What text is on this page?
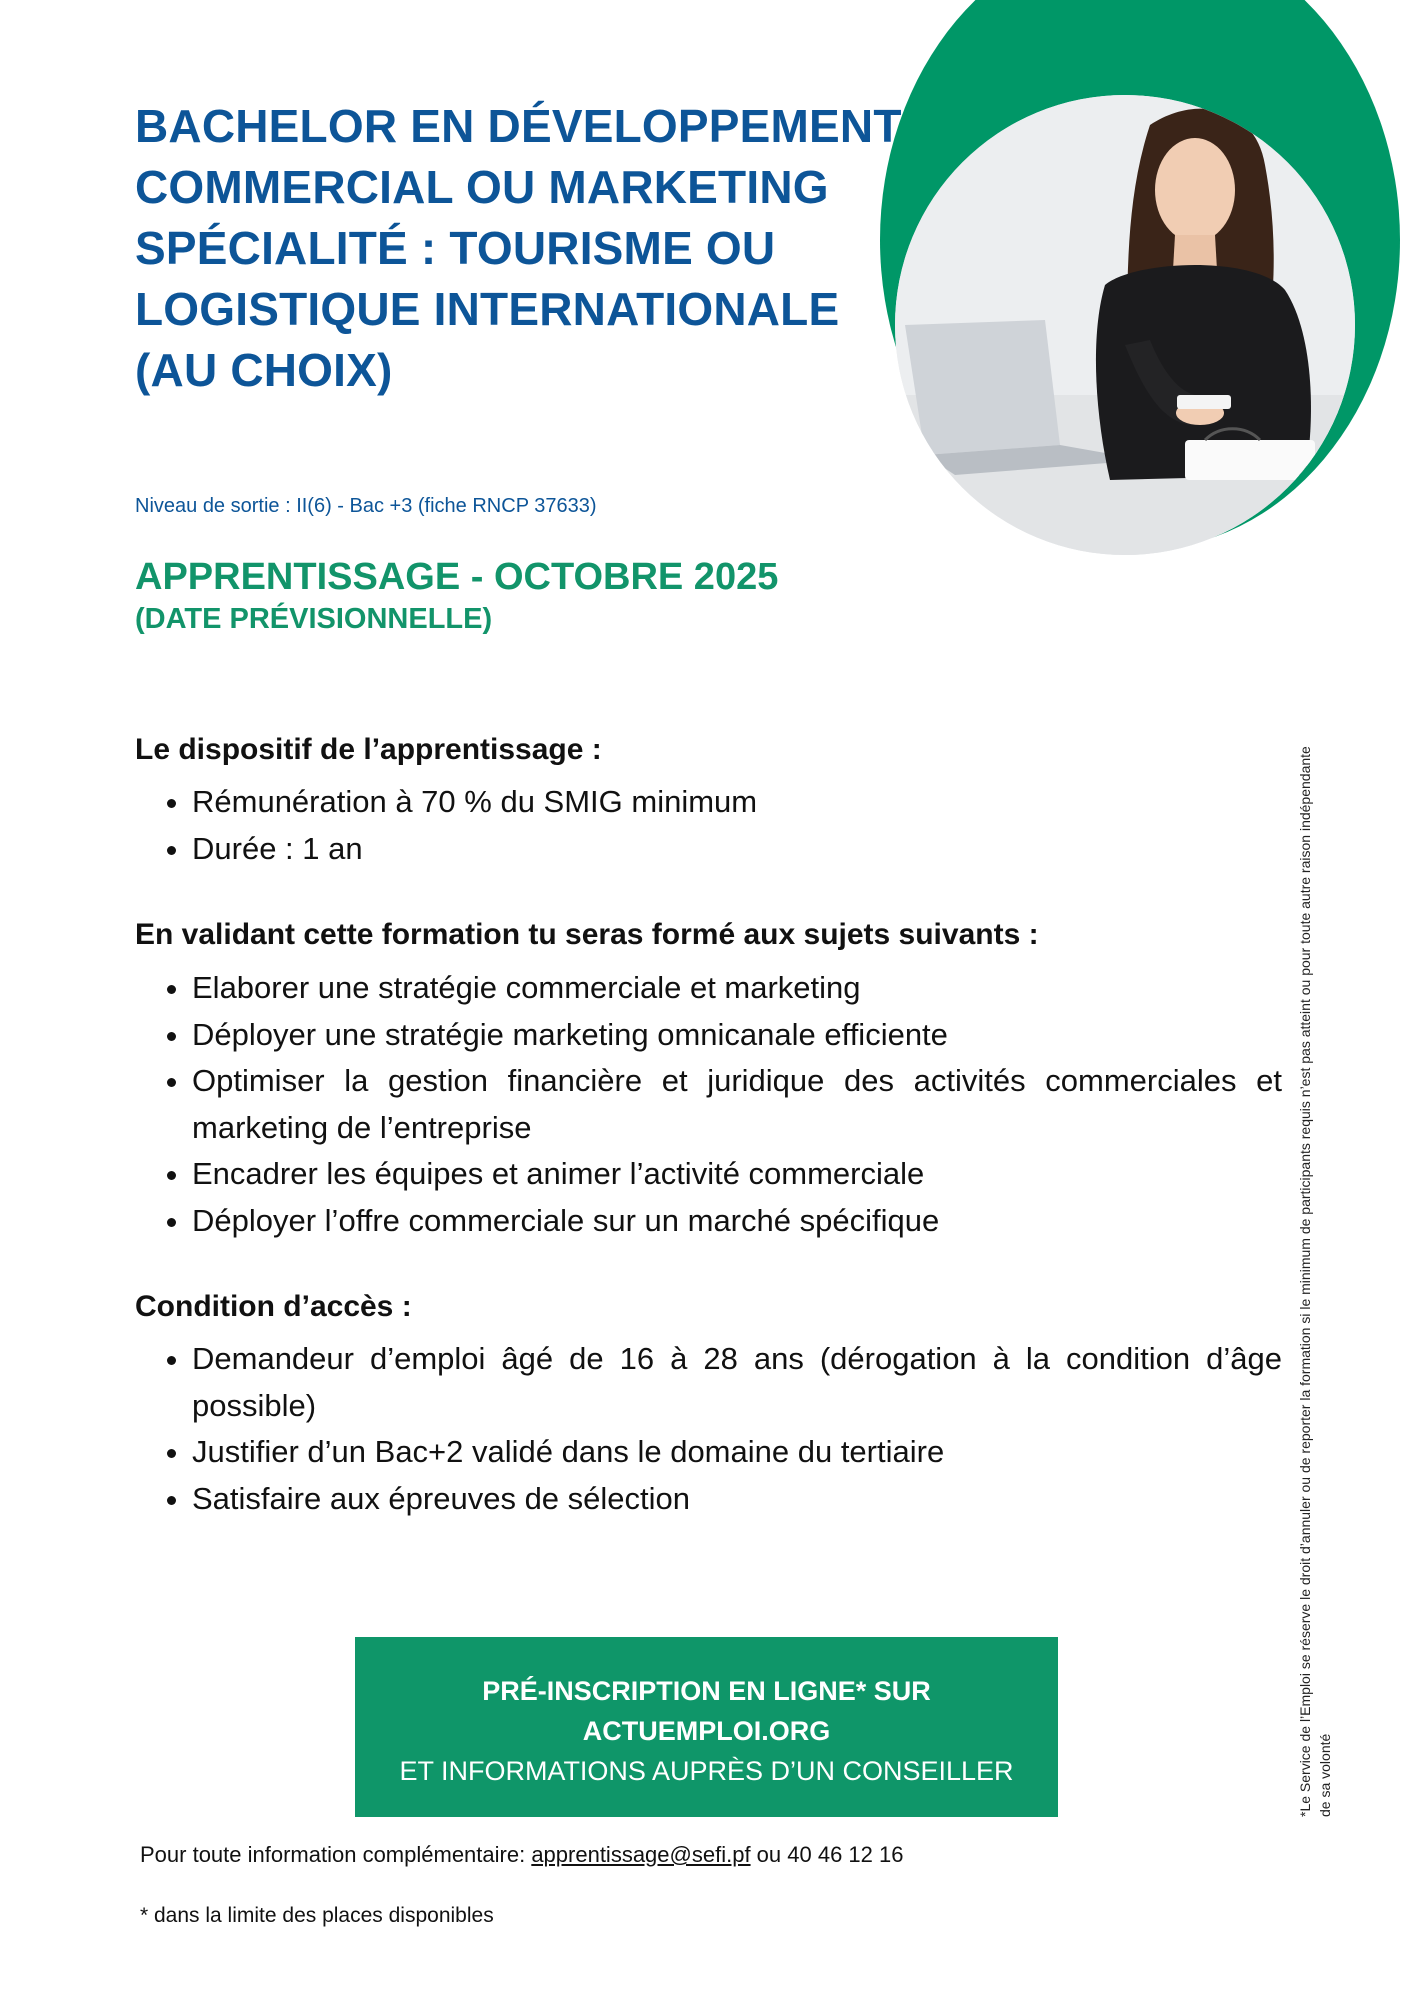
BACHELOR EN DÉVELOPPEMENT
COMMERCIAL OU MARKETING
SPÉCIALITÉ : TOURISME OU
LOGISTIQUE INTERNATIONALE
(AU CHOIX)

Niveau de sortie : II(6) - Bac +3 (fiche RNCP 37633)

APPRENTISSAGE - OCTOBRE 2025

(DATE PRÉVISIONNELLE)

Le dispositif de l’apprentissage :
• Rémunération à 70 % du SMIG minimum
• Durée : 1 an
En validant cette formation tu seras formé aux sujets suivants :
• Elaborer une stratégie commerciale et marketing
• Déployer une stratégie marketing omnicanale efficiente
• Optimiser la gestion financière et juridique des activités commerciales et marketing de l’entreprise
• Encadrer les équipes et animer l’activité commerciale
• Déployer l’offre commerciale sur un marché spécifique
Condition d’accès :
• Demandeur d’emploi âgé de 16 à 28 ans (dérogation à la condition d’âge possible)
• Justifier d’un Bac+2 validé dans le domaine du tertiaire
• Satisfaire aux épreuves de sélection

PRÉ-INSCRIPTION EN LIGNE* SUR

ACTUEMPLOI.ORG

ET INFORMATIONS AUPRÈS D’UN CONSEILLER

Pour toute information complémentaire: apprentissage@sefi.pf ou 40 46 12 16

* dans la limite des places disponibles

*Le Service de l’Emploi se réserve le droit d’annuler ou de reporter la formation si le minimum de participants requis n’est pas atteint ou pour toute autre raison indépendante de sa volonté
